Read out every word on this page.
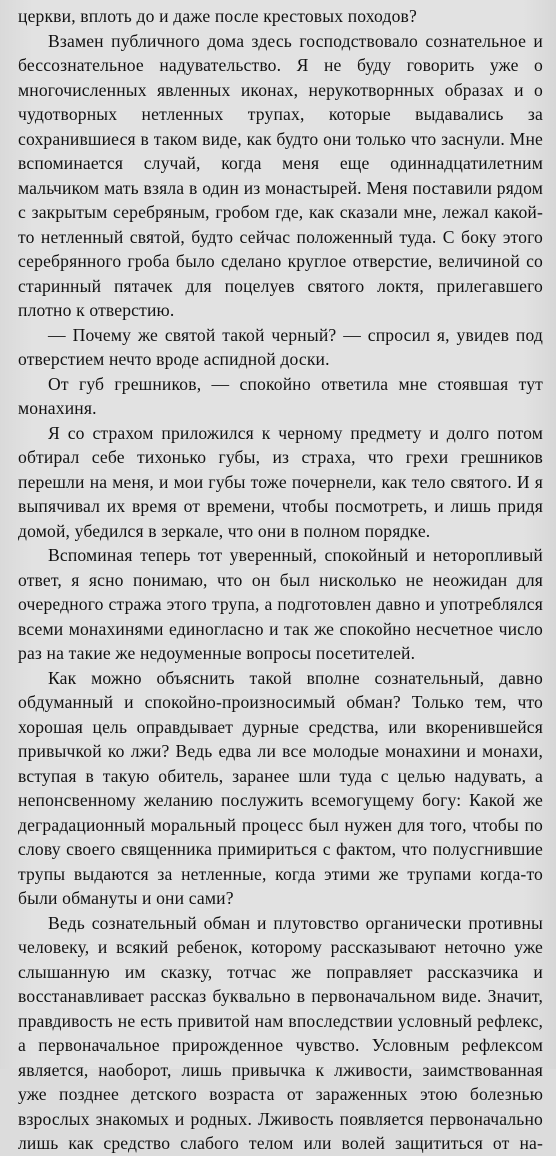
церкви, вплоть до и даже после крестовых походов?

Взамен публичного дома здесь господствовало сознательное и бессознательное надувательство. Я не буду говорить уже о многочисленных явленных иконах, нерукотворнных образах и о чудотворных нетленных трупах, которые выдавались за сохранившиеся в таком виде, как будто они только что заснули. Мне вспоминается случай, когда меня еще одиннадцатилетним мальчиком мать взяла в один из монастырей. Меня поставили рядом с закрытым серебряным, гробом где, как сказали мне, лежал какой-то нетленный святой, будто сейчас положенный туда. С боку этого серебрянного гроба было сделано круглое отверстие, величиной со старинный пятачек для поцелуев святого локтя, прилегавшего плотно к отверстию.

— Почему же святой такой черный? — спросил я, увидев под отверстием нечто вроде аспидной доски.

От губ грешников, — спокойно ответила мне стоявшая тут монахиня.

Я со страхом приложился к черному предмету и долго потом обтирал себе тихонько губы, из страха, что грехи грешников перешли на меня, и мои губы тоже почернели, как тело святого. И я выпячивал их время от времени, чтобы посмотреть, и лишь придя домой, убедился в зеркале, что они в полном порядке.

Вспоминая теперь тот уверенный, спокойный и неторопливый ответ, я ясно понимаю, что он был нисколько не неожидан для очередного стража этого трупа, а подготовлен давно и употреблялся всеми монахинями единогласно и так же спокойно несчетное число раз на такие же недоуменные вопросы посетителей.

Как можно объяснить такой вполне сознательный, давно обдуманный и спокойно-произносимый обман? Только тем, что хорошая цель оправдывает дурные средства, или вкоренившейся привычкой ко лжи? Ведь едва ли все молодые монахини и монахи, вступая в такую обитель, заранее шли туда с целью надувать, а непонсвенному желанию послужить всемогущему богу: Какой же деградационный моральный процесс был нужен для того, чтобы по слову своего священника примириться с фактом, что полусгнившие трупы выдаются за нетленные, когда этими же трупами когда-то были обмануты и они сами?

Ведь сознательный обман и плутовство органически противны человеку, и всякий ребенок, которому рассказывают неточно уже слышанную им сказку, тотчас же поправляет рассказчика и восстанавливает рассказ буквально в первоначальном виде. Значит, правдивость не есть привитой нам впоследствии условный рефлекс, а первоначальное прирожденное чувство. Условным рефлексом является, наоборот, лишь привычка к лживости, заимствованная уже позднее детского возраста от зараженных этою болезнью взрослых знакомых и родных. Лживость появляется первоначально лишь как средство слабого телом или волей защититься от на-
